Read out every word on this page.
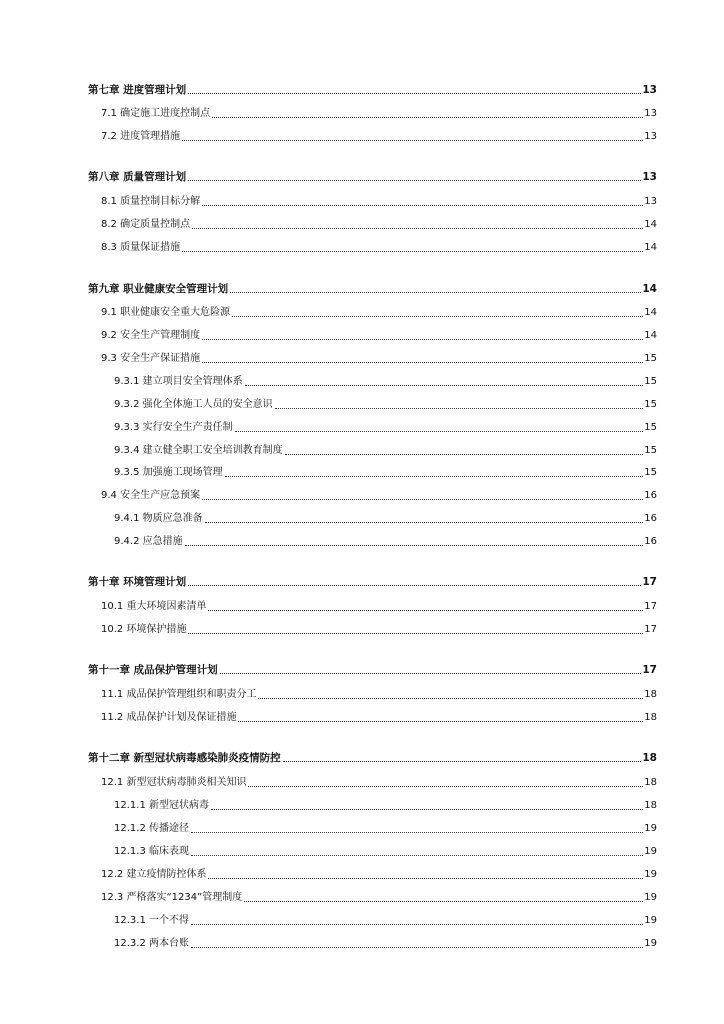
第七章 进度管理计划	13
7.1 确定施工进度控制点	13
7.2 进度管理措施	13
第八章 质量管理计划	13
8.1 质量控制目标分解	13
8.2 确定质量控制点	14
8.3 质量保证措施	14
第九章 职业健康安全管理计划	14
9.1 职业健康安全重大危险源	14
9.2 安全生产管理制度	14
9.3 安全生产保证措施	15
9.3.1 建立项目安全管理体系	15
9.3.2 强化全体施工人员的安全意识	15
9.3.3 实行安全生产责任制	15
9.3.4 建立健全职工安全培训教育制度	15
9.3.5 加强施工现场管理	15
9.4 安全生产应急预案	16
9.4.1 物质应急准备	16
9.4.2 应急措施	16
第十章 环境管理计划	17
10.1 重大环境因素清单	17
10.2 环境保护措施	17
第十一章 成品保护管理计划	17
11.1 成品保护管理组织和职责分工	18
11.2 成品保护计划及保证措施	18
第十二章 新型冠状病毒感染肺炎疫情防控	18
12.1 新型冠状病毒肺炎相关知识	18
12.1.1 新型冠状病毒	18
12.1.2 传播途径	19
12.1.3 临床表现	19
12.2 建立疫情防控体系	19
12.3 严格落实“1234”管理制度	19
12.3.1 一个不得	19
12.3.2 两本台账	19
